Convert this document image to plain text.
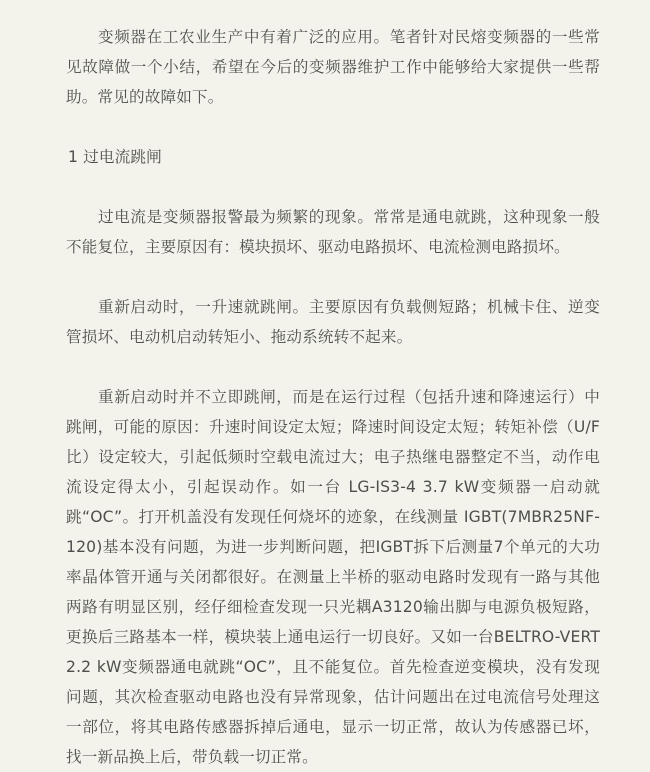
变频器在工农业生产中有着广泛的应用。笔者针对民熔变频器的一些常见故障做一个小结，希望在今后的变频器维护工作中能够给大家提供一些帮助。常见的故障如下。

1 过电流跳闸

过电流是变频器报警最为频繁的现象。常常是通电就跳，这种现象一般不能复位，主要原因有：模块损坏、驱动电路损坏、电流检测电路损坏。

重新启动时，一升速就跳闸。主要原因有负载侧短路；机械卡住、逆变管损坏、电动机启动转矩小、拖动系统转不起来。

重新启动时并不立即跳闸，而是在运行过程（包括升速和降速运行）中跳闸，可能的原因：升速时间设定太短；降速时间设定太短；转矩补偿（U/F比）设定较大，引起低频时空载电流过大；电子热继电器整定不当，动作电流设定得太小，引起误动作。如一台 LG-IS3-4 3.7 kW变频器一启动就跳“OC”。打开机盖没有发现任何烧坏的迹象，在线测量 IGBT(7MBR25NF-120)基本没有问题，为进一步判断问题，把IGBT拆下后测量7个单元的大功率晶体管开通与关闭都很好。在测量上半桥的驱动电路时发现有一路与其他两路有明显区别，经仔细检查发现一只光耦A3120输出脚与电源负极短路，更换后三路基本一样，模块装上通电运行一切良好。又如一台BELTRO-VERT 2.2 kW变频器通电就跳“OC”，且不能复位。首先检查逆变模块，没有发现问题，其次检查驱动电路也没有异常现象，估计问题出在过电流信号处理这一部位，将其电路传感器拆掉后通电，显示一切正常，故认为传感器已坏，找一新品换上后，带负载一切正常。
